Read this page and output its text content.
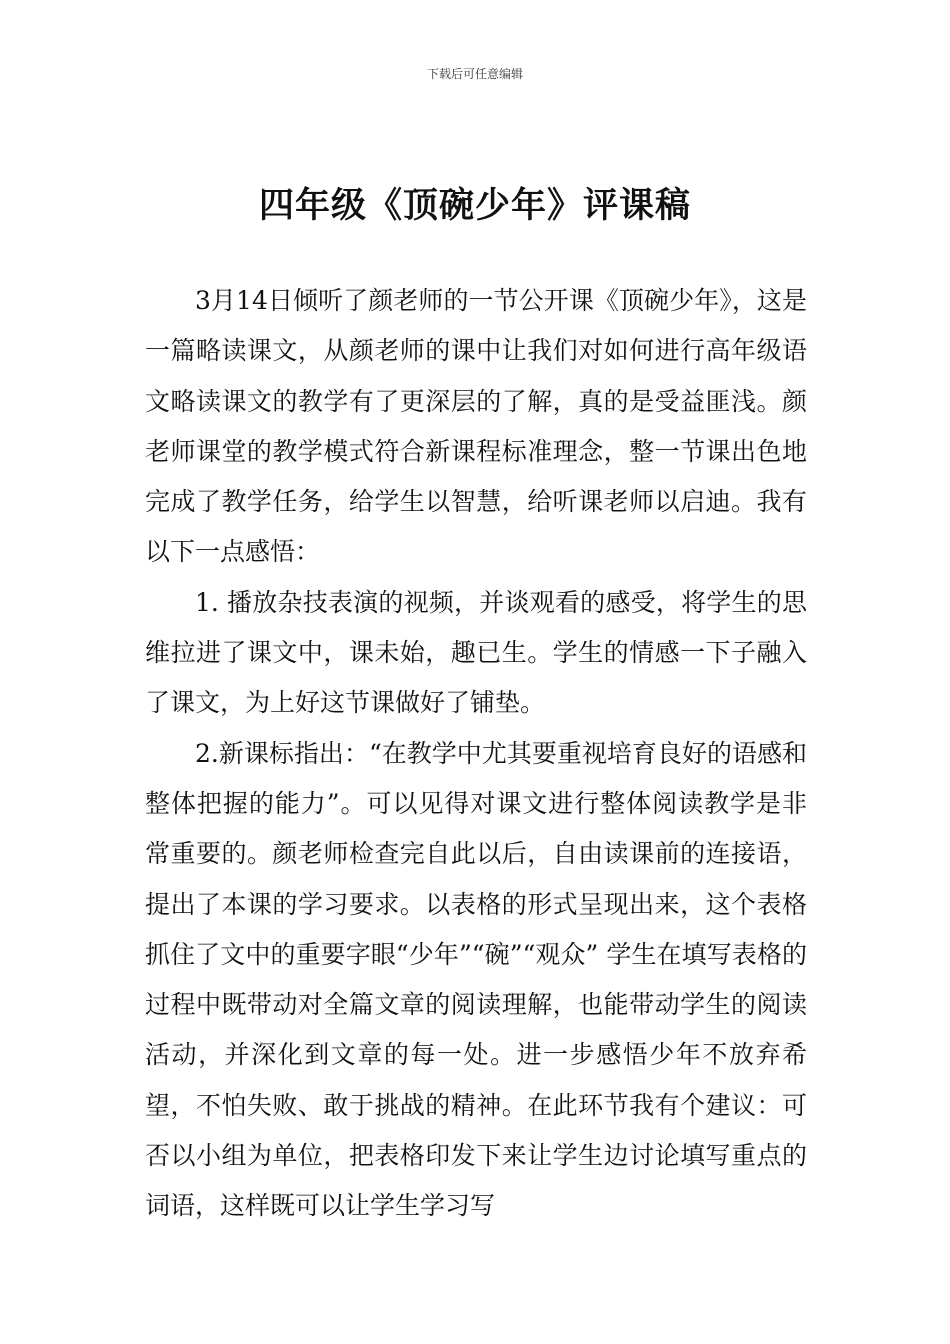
下载后可任意编辑
四年级《顶碗少年》评课稿

3月14日倾听了颜老师的一节公开课《顶碗少年》，这是一篇略读课文，从颜老师的课中让我们对如何进行高年级语文略读课文的教学有了更深层的了解，真的是受益匪浅。颜老师课堂的教学模式符合新课程标准理念，整一节课出色地完成了教学任务，给学生以智慧，给听课老师以启迪。我有以下一点感悟：

1. 播放杂技表演的视频，并谈观看的感受，将学生的思维拉进了课文中，课未始，趣已生。学生的情感一下子融入了课文，为上好这节课做好了铺垫。

2.新课标指出：“在教学中尤其要重视培育良好的语感和整体把握的能力”。可以见得对课文进行整体阅读教学是非常重要的。颜老师检查完自此以后，自由读课前的连接语，提出了本课的学习要求。以表格的形式呈现出来，这个表格抓住了文中的重要字眼“少年”“碗”“观众” 学生在填写表格的过程中既带动对全篇文章的阅读理解，也能带动学生的阅读活动，并深化到文章的每一处。进一步感悟少年不放弃希望，不怕失败、敢于挑战的精神。在此环节我有个建议：可否以小组为单位，把表格印发下来让学生边讨论填写重点的词语，这样既可以让学生学习写
